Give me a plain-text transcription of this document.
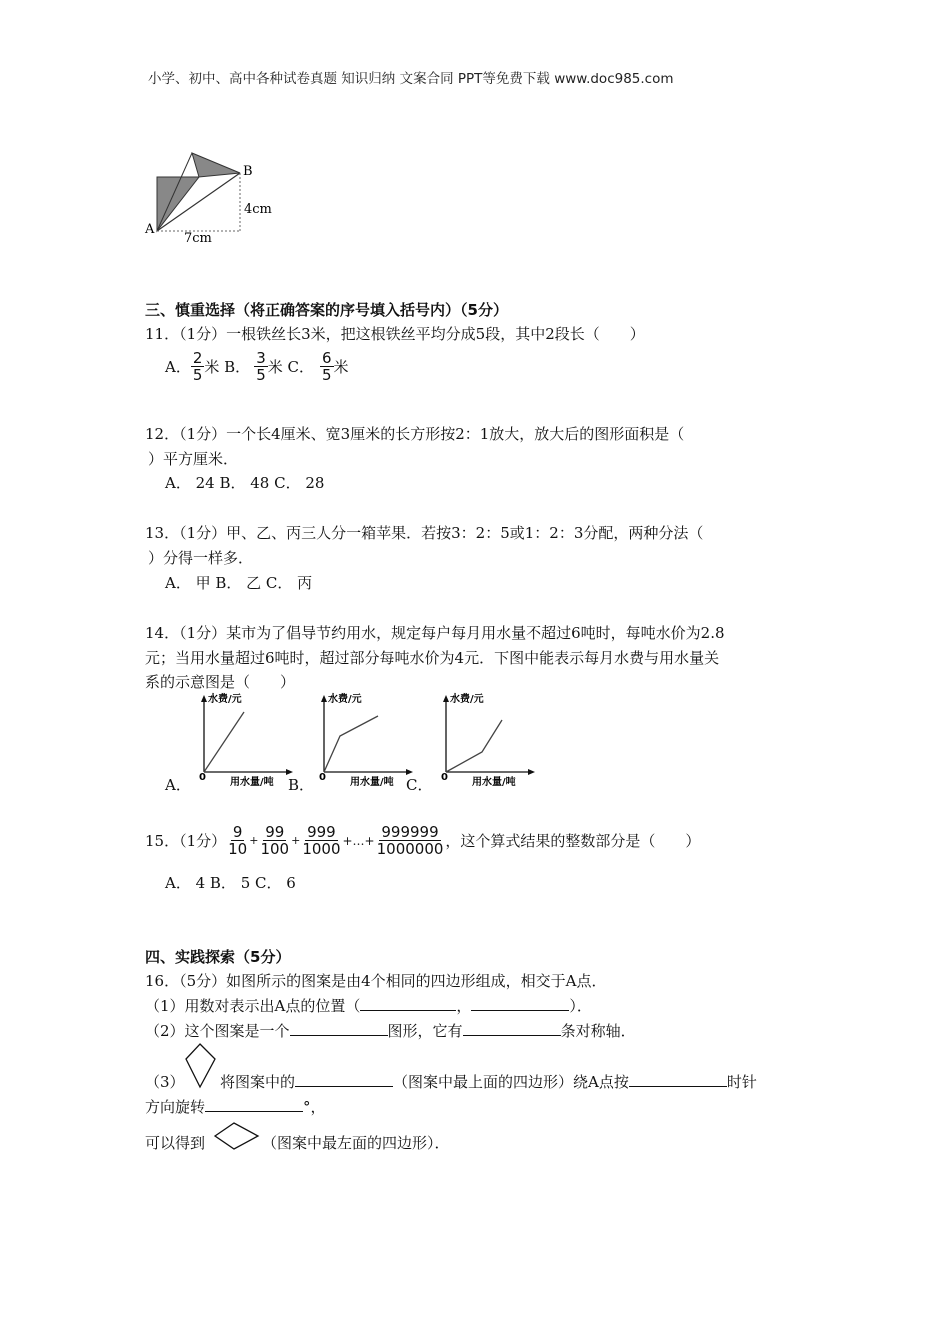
小学、初中、高中各种试卷真题 知识归纳 文案合同 PPT等免费下载 www.doc985.com
A
B
4cm
7cm
三、慎重选择（将正确答案的序号填入括号内）（5分）
11．（1分）一根铁丝长3米，把这根铁丝平均分成5段，其中2段长（　　）
A． $\frac{2}{5}$ 米 B． $\frac{3}{5}$ 米 C． $\frac{6}{5}$ 米
12．（1分）一个长4厘米、宽3厘米的长方形按2：1放大，放大后的图形面积是（
）平方厘米．
A． 24 B． 48 C． 28
13．（1分）甲、乙、丙三人分一箱苹果．若按3：2：5或1：2：3分配，两种分法（
）分得一样多．
A． 甲 B． 乙 C． 丙
14．（1分）某市为了倡导节约用水，规定每户每月用水量不超过6吨时，每吨水价为2.8
元；当用水量超过6吨时，超过部分每吨水价为4元．下图中能表示每月水费与用水量关
系的示意图是（　　）
A．
水费/元
0 用水量/吨 B．
水费/元
0 用水量/吨 C．
水费/元
0 用水量/吨
15．（1分） $\frac{9}{10} + \frac{99}{100} + \frac{999}{1000}$ +…+ $\frac{999999}{1000000}$ ，这个算式结果的整数部分是（　　）
A． 4 B． 5 C． 6
四、实践探索（5分）
16．（5分）如图所示的图案是由4个相同的四边形组成，相交于A点．
（1）用数对表示出A点的位置（	，	）．
（2）这个图案是一个	图形，它有	条对称轴．
（3） 将图案中的	（图案中最上面的四边形）绕A点按	时针
方向旋转	°，
可以得到	（图案中最左面的四边形）．
